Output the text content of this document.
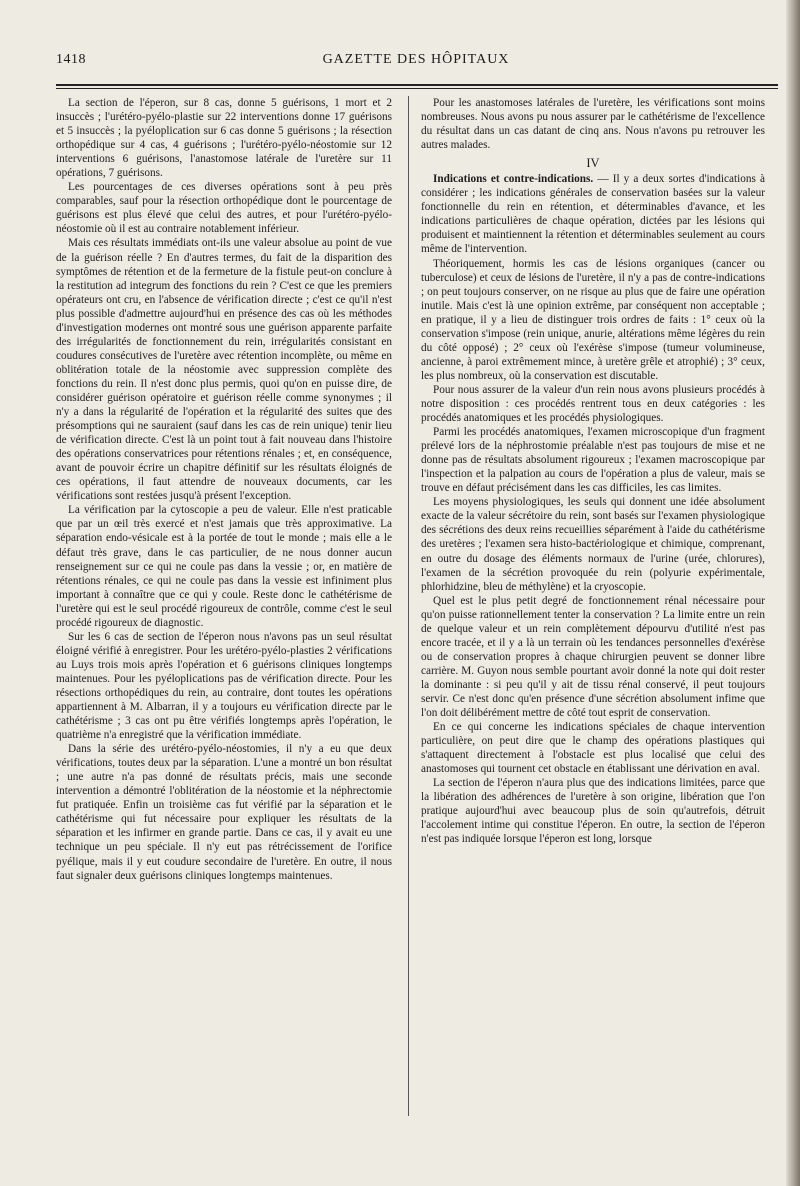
1418	GAZETTE DES HÔPITAUX

La section de l'éperon, sur 8 cas, donne 5 guérisons, 1 mort et 2 insuccès ; l'urétéro-pyélo-plastie sur 22 interventions donne 17 guérisons et 5 insuccès ; la pyéloplication sur 6 cas donne 5 guérisons ; la résection orthopédique sur 4 cas, 4 guérisons ; l'urétéro-pyélo-néostomie sur 12 interventions 6 guérisons, l'anastomose latérale de l'uretère sur 11 opérations, 7 guérisons.

Les pourcentages de ces diverses opérations sont à peu près comparables, sauf pour la résection orthopédique dont le pourcentage de guérisons est plus élevé que celui des autres, et pour l'urétéro-pyélo-néostomie où il est au contraire notablement inférieur.

Mais ces résultats immédiats ont-ils une valeur absolue au point de vue de la guérison réelle ? En d'autres termes, du fait de la disparition des symptômes de rétention et de la fermeture de la fistule peut-on conclure à la restitution ad integrum des fonctions du rein ? C'est ce que les premiers opérateurs ont cru, en l'absence de vérification directe ; c'est ce qu'il n'est plus possible d'admettre aujourd'hui en présence des cas où les méthodes d'investigation modernes ont montré sous une guérison apparente parfaite des irrégularités de fonctionnement du rein, irrégularités consistant en coudures consécutives de l'uretère avec rétention incomplète, ou même en oblitération totale de la néostomie avec suppression complète des fonctions du rein. Il n'est donc plus permis, quoi qu'on en puisse dire, de considérer guérison opératoire et guérison réelle comme synonymes ; il n'y a dans la régularité de l'opération et la régularité des suites que des présomptions qui ne sauraient (sauf dans les cas de rein unique) tenir lieu de vérification directe. C'est là un point tout à fait nouveau dans l'histoire des opérations conservatrices pour rétentions rénales ; et, en conséquence, avant de pouvoir écrire un chapitre définitif sur les résultats éloignés de ces opérations, il faut attendre de nouveaux documents, car les vérifications sont restées jusqu'à présent l'exception.

La vérification par la cytoscopie a peu de valeur. Elle n'est praticable que par un œil très exercé et n'est jamais que très approximative. La séparation endo-vésicale est à la portée de tout le monde ; mais elle a le défaut très grave, dans le cas particulier, de ne nous donner aucun renseignement sur ce qui ne coule pas dans la vessie ; or, en matière de rétentions rénales, ce qui ne coule pas dans la vessie est infiniment plus important à connaître que ce qui y coule. Reste donc le cathétérisme de l'uretère qui est le seul procédé rigoureux de contrôle, comme c'est le seul procédé rigoureux de diagnostic.

Sur les 6 cas de section de l'éperon nous n'avons pas un seul résultat éloigné vérifié à enregistrer. Pour les urétéro-pyélo-plasties 2 vérifications au Luys trois mois après l'opération et 6 guérisons cliniques longtemps maintenues. Pour les pyéloplications pas de vérification directe. Pour les résections orthopédiques du rein, au contraire, dont toutes les opérations appartiennent à M. Albarran, il y a toujours eu vérification directe par le cathétérisme ; 3 cas ont pu être vérifiés longtemps après l'opération, le quatrième n'a enregistré que la vérification immédiate.

Dans la série des urétéro-pyélo-néostomies, il n'y a eu que deux vérifications, toutes deux par la séparation. L'une a montré un bon résultat ; une autre n'a pas donné de résultats précis, mais une seconde intervention a démontré l'oblitération de la néostomie et la néphrectomie fut pratiquée. Enfin un troisième cas fut vérifié par la séparation et le cathétérisme qui fut nécessaire pour expliquer les résultats de la séparation et les infirmer en grande partie. Dans ce cas, il y avait eu une technique un peu spéciale. Il n'y eut pas rétrécissement de l'orifice pyélique, mais il y eut coudure secondaire de l'uretère. En outre, il nous faut signaler deux guérisons cliniques longtemps maintenues.

Pour les anastomoses latérales de l'uretère, les vérifications sont moins nombreuses. Nous avons pu nous assurer par le cathétérisme de l'excellence du résultat dans un cas datant de cinq ans. Nous n'avons pu retrouver les autres malades.

IV

Indications et contre-indications. — Il y a deux sortes d'indications à considérer ; les indications générales de conservation basées sur la valeur fonctionnelle du rein en rétention, et déterminables d'avance, et les indications particulières de chaque opération, dictées par les lésions qui produisent et maintiennent la rétention et déterminables seulement au cours même de l'intervention.

Théoriquement, hormis les cas de lésions organiques (cancer ou tuberculose) et ceux de lésions de l'uretère, il n'y a pas de contre-indications ; on peut toujours conserver, on ne risque au plus que de faire une opération inutile. Mais c'est là une opinion extrême, par conséquent non acceptable ; en pratique, il y a lieu de distinguer trois ordres de faits : 1° ceux où la conservation s'impose (rein unique, anurie, altérations même légères du rein du côté opposé) ; 2° ceux où l'exérèse s'impose (tumeur volumineuse, ancienne, à paroi extrêmement mince, à uretère grêle et atrophié) ; 3° ceux, les plus nombreux, où la conservation est discutable.

Pour nous assurer de la valeur d'un rein nous avons plusieurs procédés à notre disposition : ces procédés rentrent tous en deux catégories : les procédés anatomiques et les procédés physiologiques.

Parmi les procédés anatomiques, l'examen microscopique d'un fragment prélevé lors de la néphrostomie préalable n'est pas toujours de mise et ne donne pas de résultats absolument rigoureux ; l'examen macroscopique par l'inspection et la palpation au cours de l'opération a plus de valeur, mais se trouve en défaut précisément dans les cas difficiles, les cas limites.

Les moyens physiologiques, les seuls qui donnent une idée absolument exacte de la valeur sécrétoire du rein, sont basés sur l'examen physiologique des sécrétions des deux reins recueillies séparément à l'aide du cathétérisme des uretères ; l'examen sera histo-bactériologique et chimique, comprenant, en outre du dosage des éléments normaux de l'urine (urée, chlorures), l'examen de la sécrétion provoquée du rein (polyurie expérimentale, phlorhidzine, bleu de méthylène) et la cryoscopie.

Quel est le plus petit degré de fonctionnement rénal nécessaire pour qu'on puisse rationnellement tenter la conservation ? La limite entre un rein de quelque valeur et un rein complètement dépourvu d'utilité n'est pas encore tracée, et il y a là un terrain où les tendances personnelles d'exérèse ou de conservation propres à chaque chirurgien peuvent se donner libre carrière. M. Guyon nous semble pourtant avoir donné la note qui doit rester la dominante : si peu qu'il y ait de tissu rénal conservé, il peut toujours servir. Ce n'est donc qu'en présence d'une sécrétion absolument infime que l'on doit délibérément mettre de côté tout esprit de conservation.

En ce qui concerne les indications spéciales de chaque intervention particulière, on peut dire que le champ des opérations plastiques qui s'attaquent directement à l'obstacle est plus localisé que celui des anastomoses qui tournent cet obstacle en établissant une dérivation en aval.

La section de l'éperon n'aura plus que des indications limitées, parce que la libération des adhérences de l'uretère à son origine, libération que l'on pratique aujourd'hui avec beaucoup plus de soin qu'autrefois, détruit l'accolement intime qui constitue l'éperon. En outre, la section de l'éperon n'est pas indiquée lorsque l'éperon est long, lorsque
